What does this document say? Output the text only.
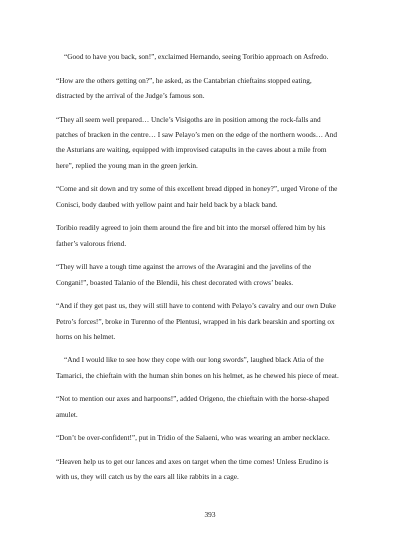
“Good to have you back, son!”, exclaimed Hernando, seeing Toribio approach on Asfredo.

“How are the others getting on?”, he asked, as the Cantabrian chieftains stopped eating,
distracted by the arrival of the Judge’s famous son.

“They all seem well prepared… Uncle’s Visigoths are in position among the rock-falls and
patches of bracken in the centre… I saw Pelayo’s men on the edge of the northern woods… And
the Asturians are waiting, equipped with improvised catapults in the caves about a mile from
here”, replied the young man in the green jerkin.

“Come and sit down and try some of this excellent bread dipped in honey?”, urged Virone of the
Conisci, body daubed with yellow paint and hair held back by a black band.

Toribio readily agreed to join them around the fire and bit into the morsel offered him by his
father’s valorous friend.

“They will have a tough time against the arrows of the Avaragini and the javelins of the
Congani!”, boasted Talanio of the Blendii, his chest decorated with crows’ beaks.

“And if they get past us, they will still have to contend with Pelayo’s cavalry and our own Duke
Petro’s forces!”, broke in Turenno of the Plentusi, wrapped in his dark bearskin and sporting ox
horns on his helmet.

“And I would like to see how they cope with our long swords”, laughed black Atia of the
Tamarici, the chieftain with the human shin bones on his helmet, as he chewed his piece of meat.

“Not to mention our axes and harpoons!”, added Origeno, the chieftain with the horse-shaped
amulet.

“Don’t be over-confident!”, put in Tridio of the Salaeni, who was wearing an amber necklace.

“Heaven help us to get our lances and axes on target when the time comes! Unless Erudino is
with us, they will catch us by the ears all like rabbits in a cage.

393
